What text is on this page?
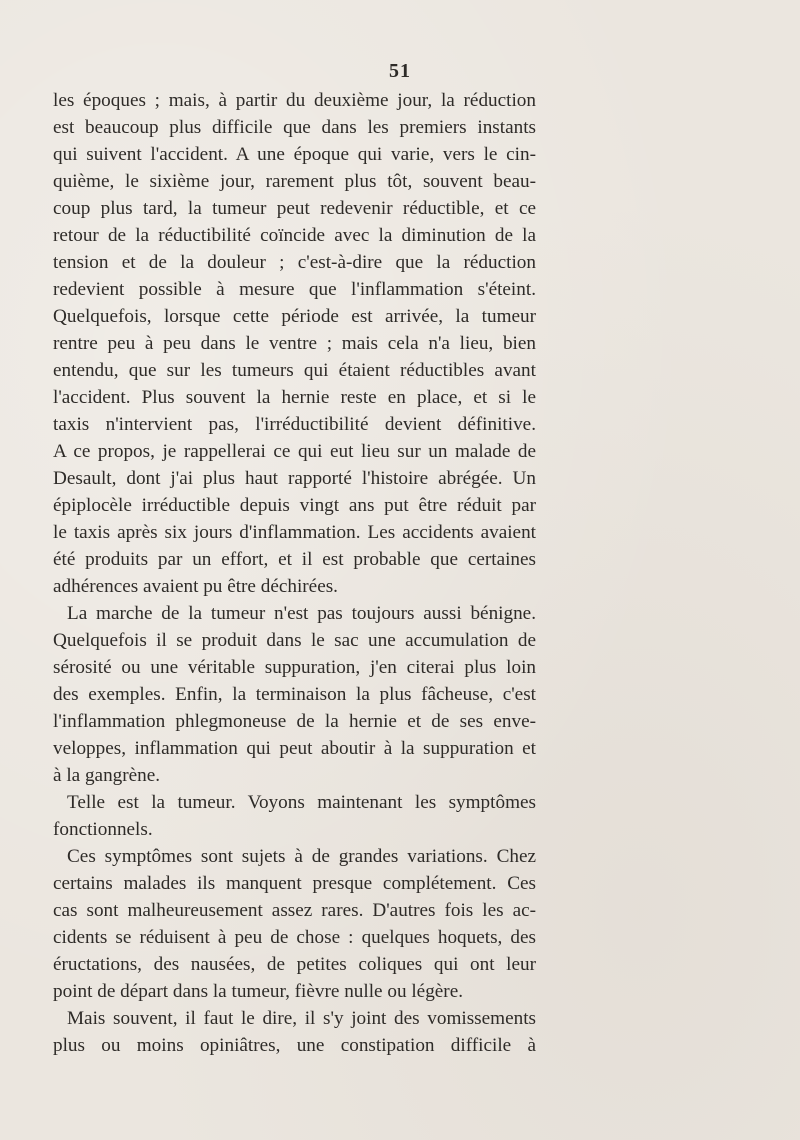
51
les époques ; mais, à partir du deuxième jour, la réduction
est beaucoup plus difficile que dans les premiers instants
qui suivent l'accident. A une époque qui varie, vers le cin-
quième, le sixième jour, rarement plus tôt, souvent beau-
coup plus tard, la tumeur peut redevenir réductible, et ce
retour de la réductibilité coïncide avec la diminution de la
tension et de la douleur ; c'est-à-dire que la réduction
redevient possible à mesure que l'inflammation s'éteint.
Quelquefois, lorsque cette période est arrivée, la tumeur
rentre peu à peu dans le ventre ; mais cela n'a lieu, bien
entendu, que sur les tumeurs qui étaient réductibles avant
l'accident. Plus souvent la hernie reste en place, et si le
taxis n'intervient pas, l'irréductibilité devient définitive.
A ce propos, je rappellerai ce qui eut lieu sur un malade de
Desault, dont j'ai plus haut rapporté l'histoire abrégée. Un
épiplocèle irréductible depuis vingt ans put être réduit par
le taxis après six jours d'inflammation. Les accidents avaient
été produits par un effort, et il est probable que certaines
adhérences avaient pu être déchirées.
La marche de la tumeur n'est pas toujours aussi bénigne.
Quelquefois il se produit dans le sac une accumulation de
sérosité ou une véritable suppuration, j'en citerai plus loin
des exemples. Enfin, la terminaison la plus fâcheuse, c'est
l'inflammation phlegmoneuse de la hernie et de ses enve-
veloppes, inflammation qui peut aboutir à la suppuration et
à la gangrène.
Telle est la tumeur. Voyons maintenant les symptômes
fonctionnels.
Ces symptômes sont sujets à de grandes variations. Chez
certains malades ils manquent presque complétement. Ces
cas sont malheureusement assez rares. D'autres fois les ac-
cidents se réduisent à peu de chose : quelques hoquets, des
éructations, des nausées, de petites coliques qui ont leur
point de départ dans la tumeur, fièvre nulle ou légère.
Mais souvent, il faut le dire, il s'y joint des vomissements
plus ou moins opiniâtres, une constipation difficile à
